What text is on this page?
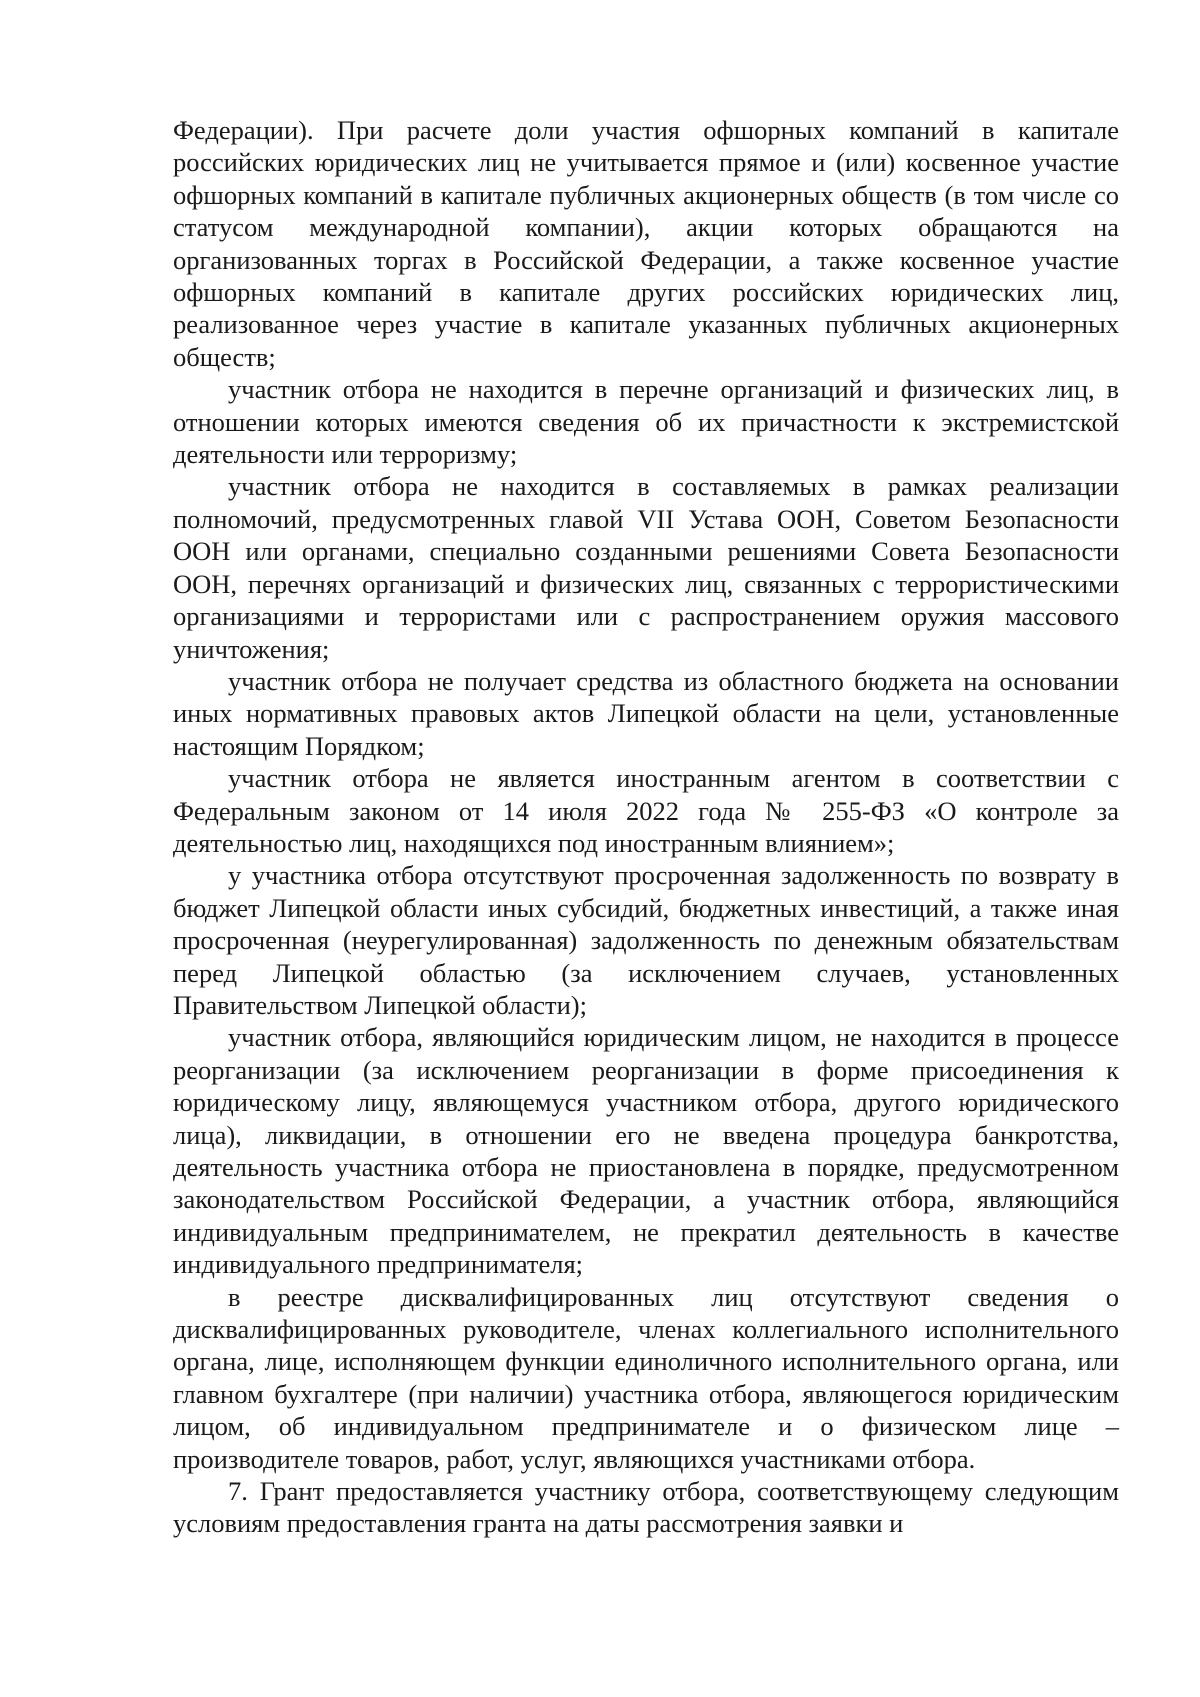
Федерации). При расчете доли участия офшорных компаний в капитале российских юридических лиц не учитывается прямое и (или) косвенное участие офшорных компаний в капитале публичных акционерных обществ (в том числе со статусом международной компании), акции которых обращаются на организованных торгах в Российской Федерации, а также косвенное участие офшорных компаний в капитале других российских юридических лиц, реализованное через участие в капитале указанных публичных акционерных обществ;

участник отбора не находится в перечне организаций и физических лиц, в отношении которых имеются сведения об их причастности к экстремистской деятельности или терроризму;

участник отбора не находится в составляемых в рамках реализации полномочий, предусмотренных главой VII Устава ООН, Советом Безопасности ООН или органами, специально созданными решениями Совета Безопасности ООН, перечнях организаций и физических лиц, связанных с террористическими организациями и террористами или с распространением оружия массового уничтожения;

участник отбора не получает средства из областного бюджета на основании иных нормативных правовых актов Липецкой области на цели, установленные настоящим Порядком;

участник отбора не является иностранным агентом в соответствии с Федеральным законом от 14 июля 2022 года № 255-ФЗ «О контроле за деятельностью лиц, находящихся под иностранным влиянием»;

у участника отбора отсутствуют просроченная задолженность по возврату в бюджет Липецкой области иных субсидий, бюджетных инвестиций, а также иная просроченная (неурегулированная) задолженность по денежным обязательствам перед Липецкой областью (за исключением случаев, установленных Правительством Липецкой области);

участник отбора, являющийся юридическим лицом, не находится в процессе реорганизации (за исключением реорганизации в форме присоединения к юридическому лицу, являющемуся участником отбора, другого юридического лица), ликвидации, в отношении его не введена процедура банкротства, деятельность участника отбора не приостановлена в порядке, предусмотренном законодательством Российской Федерации, а участник отбора, являющийся индивидуальным предпринимателем, не прекратил деятельность в качестве индивидуального предпринимателя;

в реестре дисквалифицированных лиц отсутствуют сведения о дисквалифицированных руководителе, членах коллегиального исполнительного органа, лице, исполняющем функции единоличного исполнительного органа, или главном бухгалтере (при наличии) участника отбора, являющегося юридическим лицом, об индивидуальном предпринимателе и о физическом лице – производителе товаров, работ, услуг, являющихся участниками отбора.

7. Грант предоставляется участнику отбора, соответствующему следующим условиям предоставления гранта на даты рассмотрения заявки и
